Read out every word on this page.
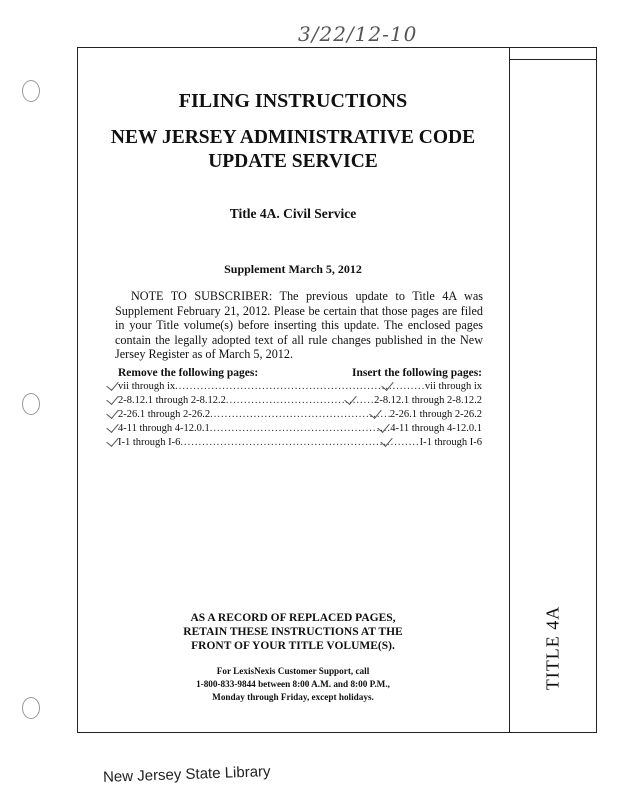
3/22/12-10
FILING INSTRUCTIONS
NEW JERSEY ADMINISTRATIVE CODE
UPDATE SERVICE
Title 4A. Civil Service
Supplement March 5, 2012
NOTE TO SUBSCRIBER: The previous update to Title 4A was Supplement February 21, 2012. Please be certain that those pages are filed in your Title volume(s) before inserting this update. The enclosed pages contain the legally adopted text of all rule changes published in the New Jersey Register as of March 5, 2012.
Remove the following pages:	Insert the following pages:
vii through ix .....	vii through ix
2-8.12.1 through 2-8.12.2 .....	2-8.12.1 through 2-8.12.2
2-26.1 through 2-26.2 .....	2-26.1 through 2-26.2
4-11 through 4-12.0.1 .....	4-11 through 4-12.0.1
I-1 through I-6 .....	I-1 through I-6
AS A RECORD OF REPLACED PAGES,
RETAIN THESE INSTRUCTIONS AT THE
FRONT OF YOUR TITLE VOLUME(S).
For LexisNexis Customer Support, call
1-800-833-9844 between 8:00 A.M. and 8:00 P.M.,
Monday through Friday, except holidays.
TITLE 4A
New Jersey State Library
